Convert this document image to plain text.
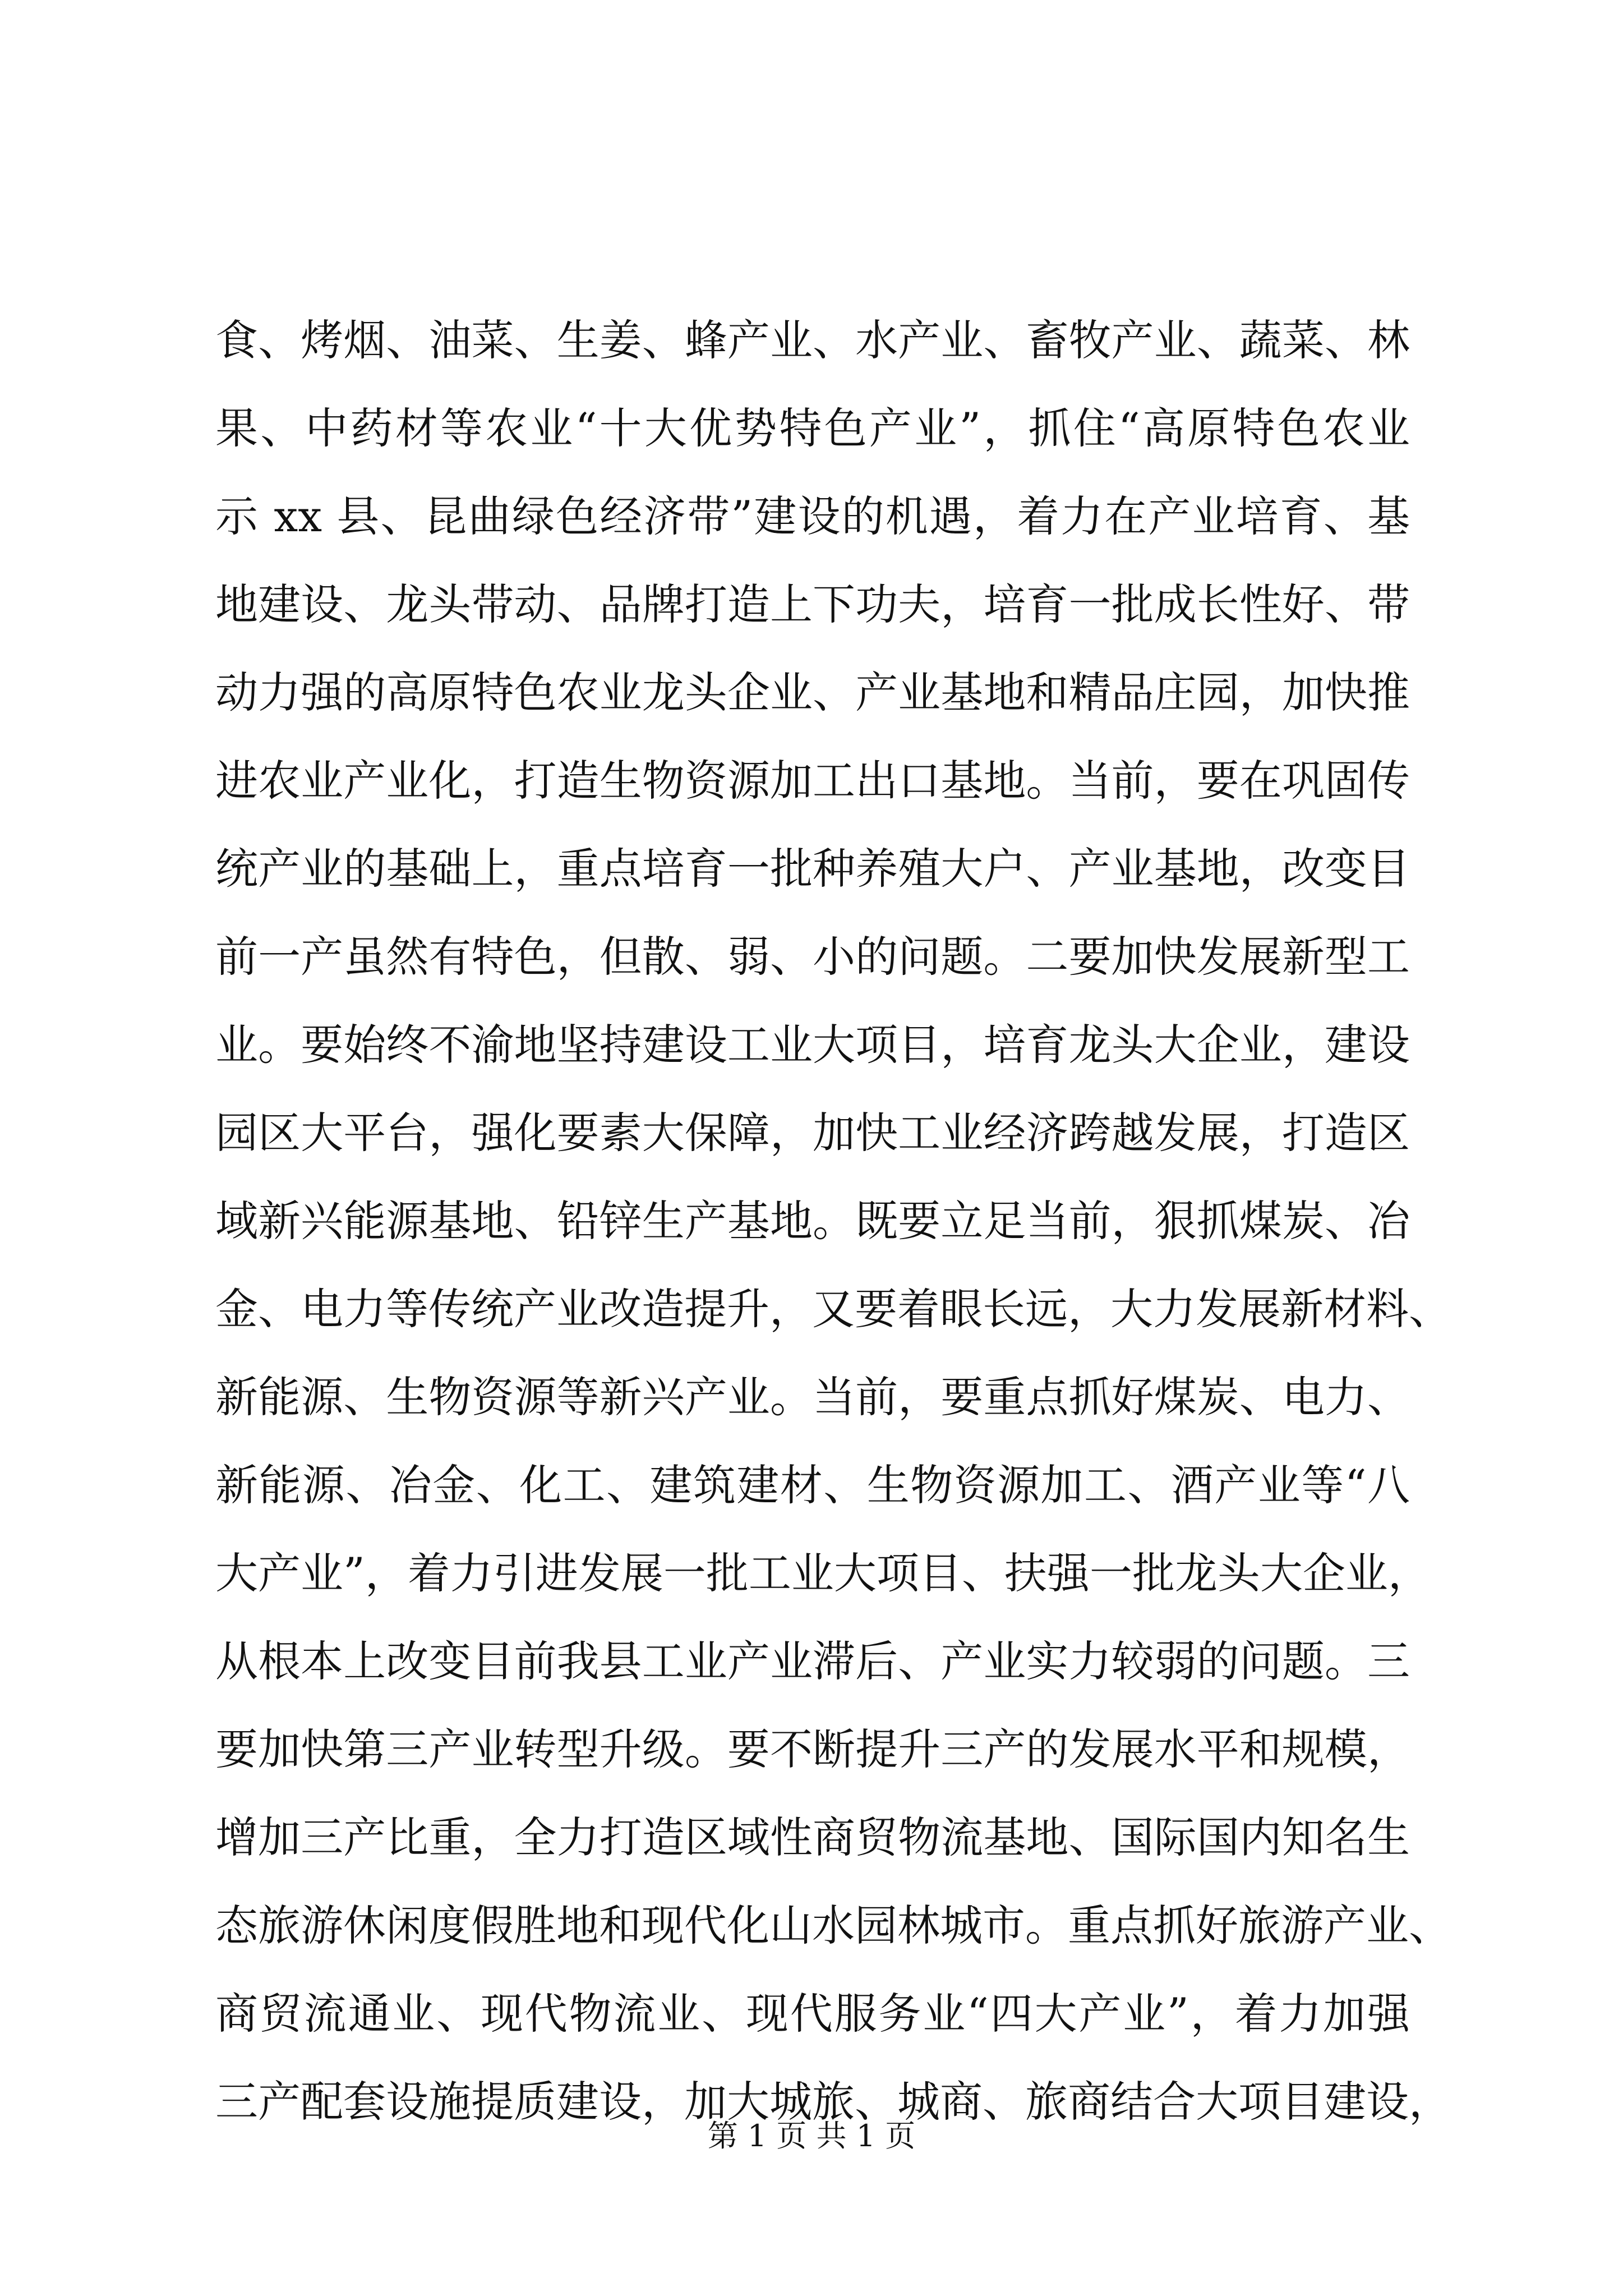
食、烤烟、油菜、生姜、蜂产业、水产业、畜牧产业、蔬菜、林
果、中药材等农业“十大优势特色产业”，抓住“高原特色农业
示 xx 县、昆曲绿色经济带”建设的机遇，着力在产业培育、基
地建设、龙头带动、品牌打造上下功夫，培育一批成长性好、带
动力强的高原特色农业龙头企业、产业基地和精品庄园，加快推
进农业产业化，打造生物资源加工出口基地。当前，要在巩固传
统产业的基础上，重点培育一批种养殖大户、产业基地，改变目
前一产虽然有特色，但散、弱、小的问题。二要加快发展新型工
业。要始终不渝地坚持建设工业大项目，培育龙头大企业，建设
园区大平台，强化要素大保障，加快工业经济跨越发展，打造区
域新兴能源基地、铅锌生产基地。既要立足当前，狠抓煤炭、冶
金、电力等传统产业改造提升，又要着眼长远，大力发展新材料、
新能源、生物资源等新兴产业。当前，要重点抓好煤炭、电力、
新能源、冶金、化工、建筑建材、生物资源加工、酒产业等“八
大产业”，着力引进发展一批工业大项目、扶强一批龙头大企业，
从根本上改变目前我县工业产业滞后、产业实力较弱的问题。三
要加快第三产业转型升级。要不断提升三产的发展水平和规模，
增加三产比重，全力打造区域性商贸物流基地、国际国内知名生
态旅游休闲度假胜地和现代化山水园林城市。重点抓好旅游产业、
商贸流通业、现代物流业、现代服务业“四大产业”，着力加强
三产配套设施提质建设，加大城旅、城商、旅商结合大项目建设，
第 1 页 共 1 页
